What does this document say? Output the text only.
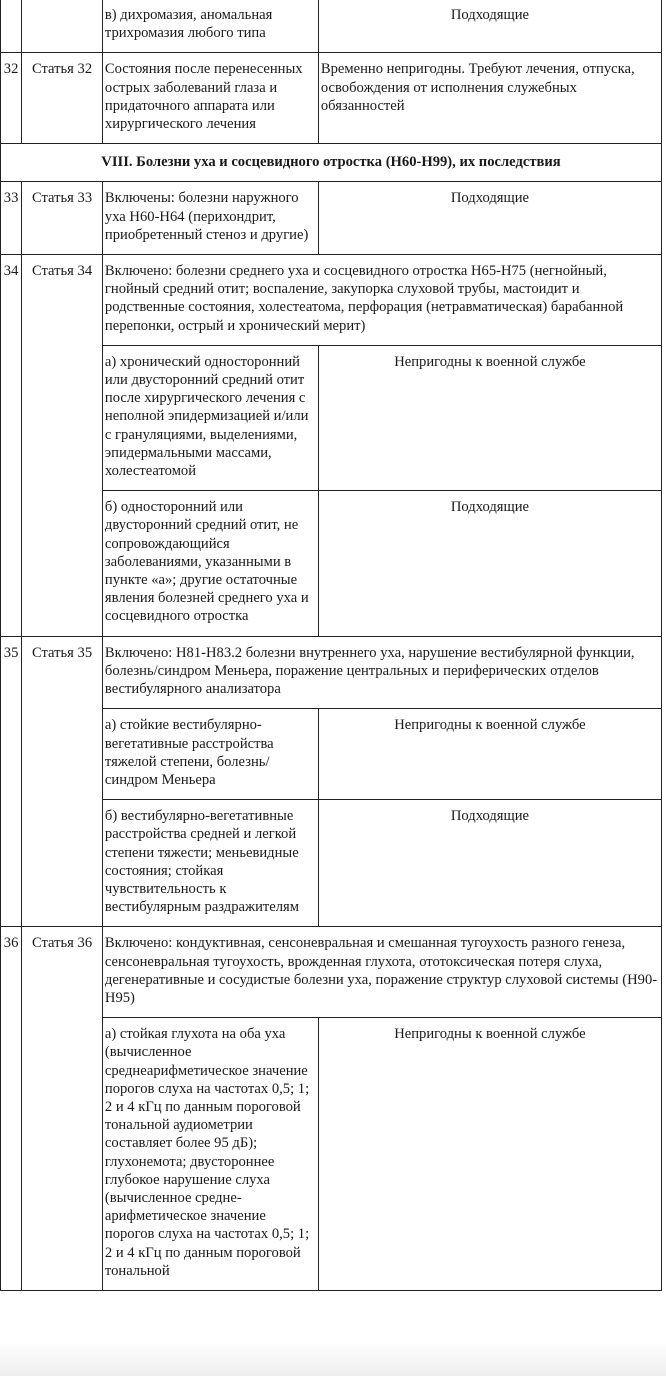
		в) дихромазия, аномальная трихромазия любого типа	Подходящие
32	Статья 32	Состояния после перенесенных острых заболеваний глаза и придаточного аппарата или хирургического лечения	Временно непригодны. Требуют лечения, отпуска, освобождения от исполнения служебных обязанностей
VIII. Болезни уха и сосцевидного отростка (H60-H99), их последствия			
33	Статья 33	Включены: болезни наружного уха H60-H64 (перихондрит, приобретенный стеноз и другие)	Подходящие
34	Статья 34	Включено: болезни среднего уха и сосцевидного отростка H65-H75 (негнойный, гнойный средний отит; воспаление, закупорка слуховой трубы, мастоидит и родственные состояния, холестеатома, перфорация (нетравматическая) барабанной перепонки, острый и хронический мерит)	
		а) хронический односторонний или двусторонний средний отит после хирургического лечения с неполной эпидермизацией и/или с грануляциями, выделениями, эпидермальными массами, холестеатомой	Непригодны к военной службе
		б) односторонний или двусторонний средний отит, не сопровождающийся заболеваниями, указанными в пункте «а»; другие остаточные явления болезней среднего уха и сосцевидного отростка	Подходящие
35	Статья 35	Включено: H81-H83.2 болезни внутреннего уха, нарушение вестибулярной функции, болезнь/синдром Меньера, поражение центральных и периферических отделов вестибулярного анализатора	
		а) стойкие вестибулярно-вегетативные расстройства тяжелой степени, болезнь/синдром Меньера	Непригодны к военной службе
		б) вестибулярно-вегетативные расстройства средней и легкой степени тяжести; меньевидные состояния; стойкая чувствительность к вестибулярным раздражителям	Подходящие
36	Статья 36	Включено: кондуктивная, сенсоневральная и смешанная тугоухость разного генеза, сенсоневральная тугоухость, врожденная глухота, ототоксическая потеря слуха, дегенеративные и сосудистые болезни уха, поражение структур слуховой системы (H90-H95)	
		а) стойкая глухота на оба уха (вычисленное среднеарифметическое значение порогов слуха на частотах 0,5; 1; 2 и 4 кГц по данным пороговой тональной аудиометрии составляет более 95 дБ); глухонемота; двустороннее глубокое нарушение слуха (вычисленное средне-арифметическое значение порогов слуха на частотах 0,5; 1; 2 и 4 кГц по данным пороговой тональной	Непригодны к военной службе
